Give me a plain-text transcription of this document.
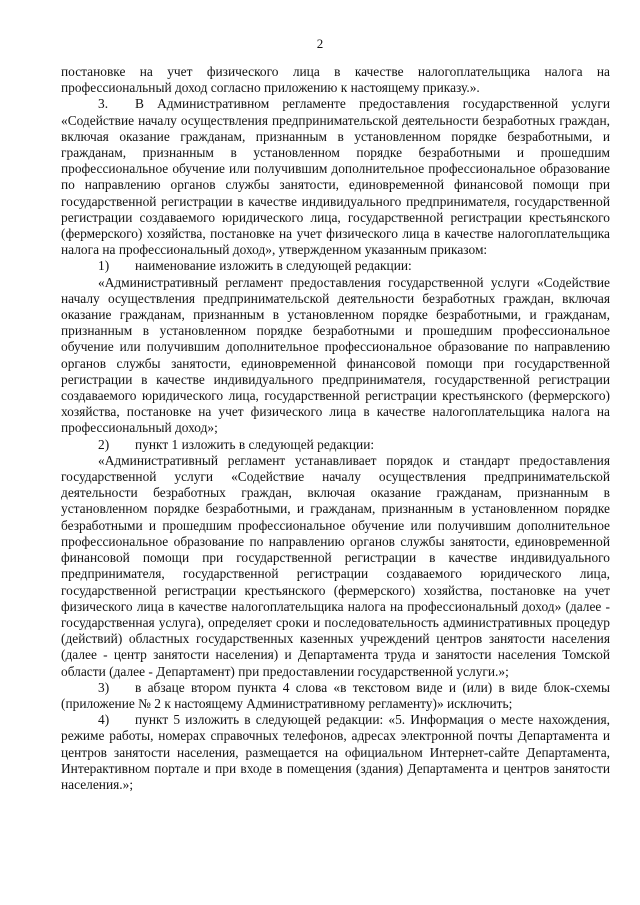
2

постановке на учет физического лица в качестве налогоплательщика налога на профессиональный доход согласно приложению к настоящему приказу.».

3. В Административном регламенте предоставления государственной услуги «Содействие началу осуществления предпринимательской деятельности безработных граждан, включая оказание гражданам, признанным в установленном порядке безработными, и гражданам, признанным в установленном порядке безработными и прошедшим профессиональное обучение или получившим дополнительное профессиональное образование по направлению органов службы занятости, единовременной финансовой помощи при государственной регистрации в качестве индивидуального предпринимателя, государственной регистрации создаваемого юридического лица, государственной регистрации крестьянского (фермерского) хозяйства, постановке на учет физического лица в качестве налогоплательщика налога на профессиональный доход», утвержденном указанным приказом:

1) наименование изложить в следующей редакции:

«Административный регламент предоставления государственной услуги «Содействие началу осуществления предпринимательской деятельности безработных граждан, включая оказание гражданам, признанным в установленном порядке безработными, и гражданам, признанным в установленном порядке безработными и прошедшим профессиональное обучение или получившим дополнительное профессиональное образование по направлению органов службы занятости, единовременной финансовой помощи при государственной регистрации в качестве индивидуального предпринимателя, государственной регистрации создаваемого юридического лица, государственной регистрации крестьянского (фермерского) хозяйства, постановке на учет физического лица в качестве налогоплательщика налога на профессиональный доход»;

2) пункт 1 изложить в следующей редакции:

«Административный регламент устанавливает порядок и стандарт предоставления государственной услуги «Содействие началу осуществления предпринимательской деятельности безработных граждан, включая оказание гражданам, признанным в установленном порядке безработными, и гражданам, признанным в установленном порядке безработными и прошедшим профессиональное обучение или получившим дополнительное профессиональное образование по направлению органов службы занятости, единовременной финансовой помощи при государственной регистрации в качестве индивидуального предпринимателя, государственной регистрации создаваемого юридического лица, государственной регистрации крестьянского (фермерского) хозяйства, постановке на учет физического лица в качестве налогоплательщика налога на профессиональный доход» (далее - государственная услуга), определяет сроки и последовательность административных процедур (действий) областных государственных казенных учреждений центров занятости населения (далее - центр занятости населения) и Департамента труда и занятости населения Томской области (далее - Департамент) при предоставлении государственной услуги.»;

3) в абзаце втором пункта 4 слова «в текстовом виде и (или) в виде блок-схемы (приложение № 2 к настоящему Административному регламенту)» исключить;

4) пункт 5 изложить в следующей редакции: «5. Информация о месте нахождения, режиме работы, номерах справочных телефонов, адресах электронной почты Департамента и центров занятости населения, размещается на официальном Интернет-сайте Департамента, Интерактивном портале и при входе в помещения (здания) Департамента и центров занятости населения.»;
